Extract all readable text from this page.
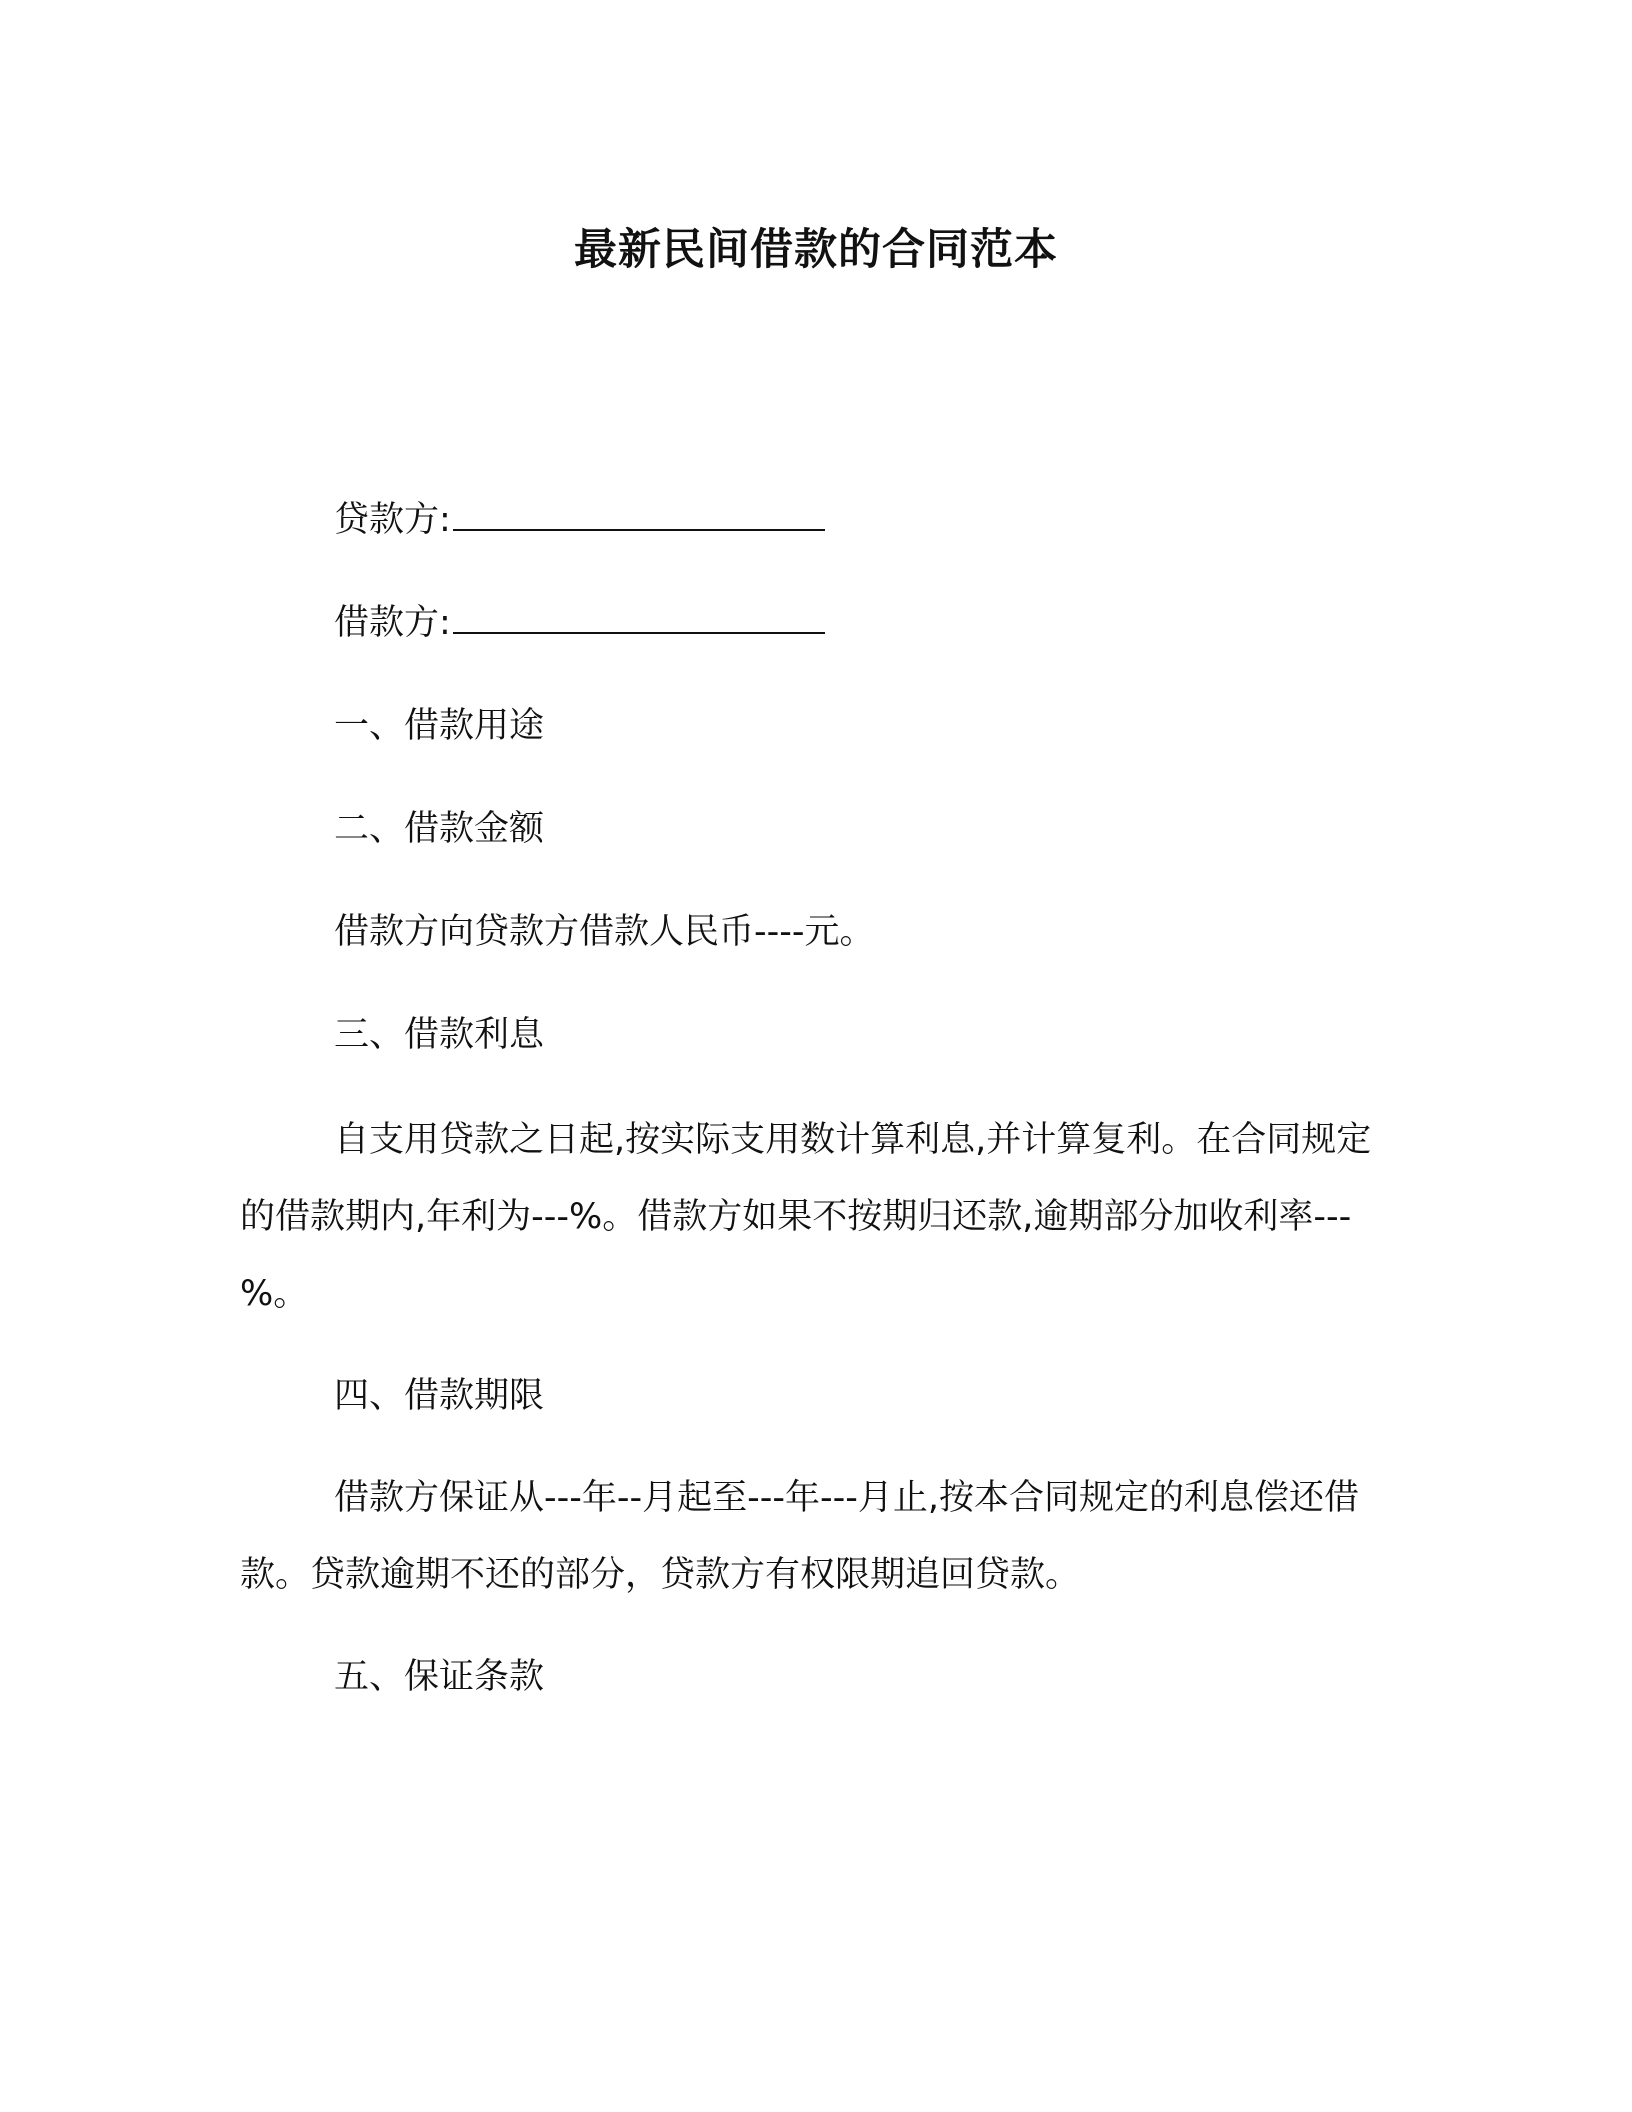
最新民间借款的合同范本
贷款方:
借款方:
一、借款用途
二、借款金额
借款方向贷款方借款人民币----元。
三、借款利息

自支用贷款之日起,按实际支用数计算利息,并计算复利。在合同规定的借款期内,年利为---%。借款方如果不按期归还款,逾期部分加收利率---%。

四、借款期限

借款方保证从---年--月起至---年---月止,按本合同规定的利息偿还借款。贷款逾期不还的部分，贷款方有权限期追回贷款。

五、保证条款
